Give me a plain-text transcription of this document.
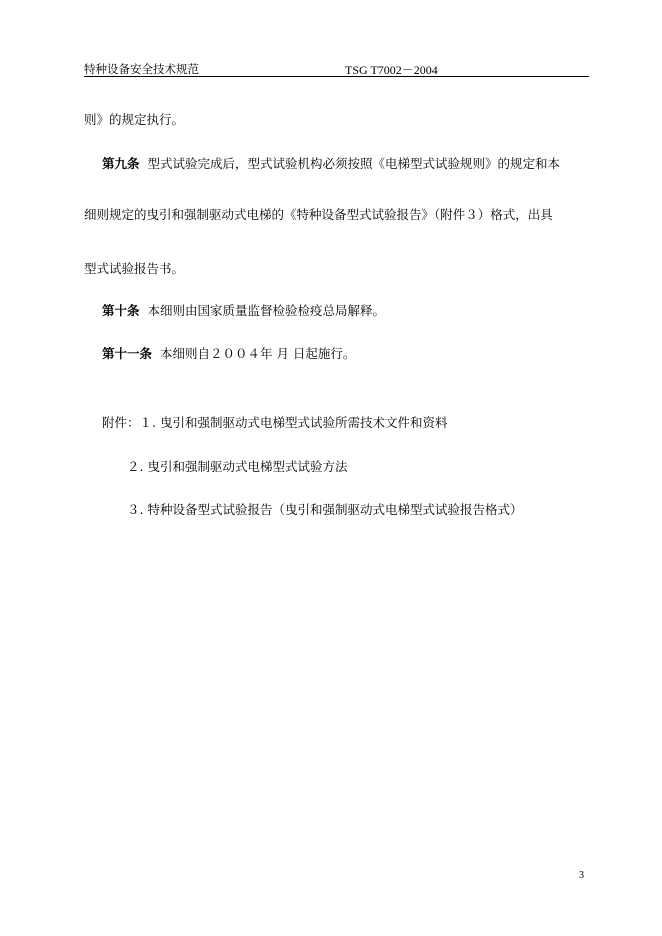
特种设备安全技术规范	TSG T7002－2004
则》的规定执行。
第九条 型式试验完成后，型式试验机构必须按照《电梯型式试验规则》的规定和本
细则规定的曳引和强制驱动式电梯的《特种设备型式试验报告》（附件３）格式，出具
型式试验报告书。
第十条 本细则由国家质量监督检验检疫总局解释。
第十一条 本细则自２００４年 月 日起施行。
附件：１. 曳引和强制驱动式电梯型式试验所需技术文件和资料
２. 曳引和强制驱动式电梯型式试验方法
３. 特种设备型式试验报告（曳引和强制驱动式电梯型式试验报告格式）
3
